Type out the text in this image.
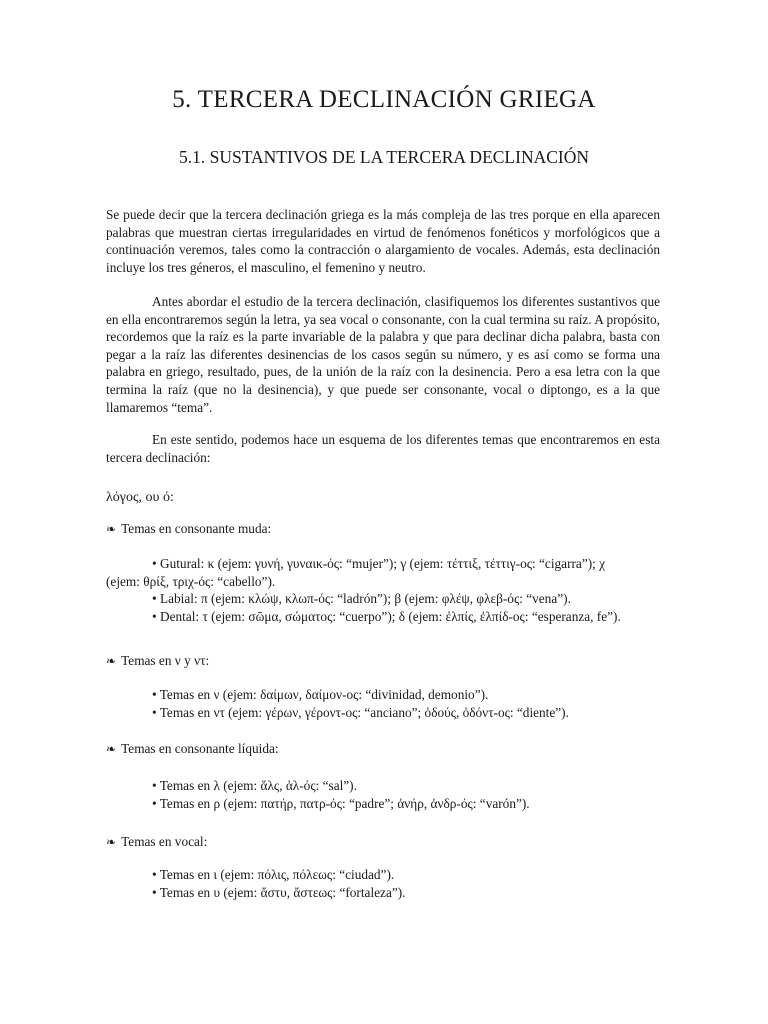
5. TERCERA DECLINACIÓN GRIEGA
5.1. SUSTANTIVOS DE LA TERCERA DECLINACIÓN

Se puede decir que la tercera declinación griega es la más compleja de las tres porque en ella aparecen palabras que muestran ciertas irregularidades en virtud de fenómenos fonéticos y morfológicos que a continuación veremos, tales como la contracción o alargamiento de vocales. Además, esta declinación incluye los tres géneros, el masculino, el femenino y neutro.

Antes abordar el estudio de la tercera declinación, clasifiquemos los diferentes sustantivos que en ella encontraremos según la letra, ya sea vocal o consonante, con la cual termina su raíz. A propósito, recordemos que la raíz es la parte invariable de la palabra y que para declinar dicha palabra, basta con pegar a la raíz las diferentes desinencias de los casos según su número, y es así como se forma una palabra en griego, resultado, pues, de la unión de la raíz con la desinencia. Pero a esa letra con la que termina la raíz (que no la desinencia), y que puede ser consonante, vocal o diptongo, es a la que llamaremos “tema”.

En este sentido, podemos hace un esquema de los diferentes temas que encontraremos en esta tercera declinación:

λόγος, ου ό:

❧ Temas en consonante muda:

• Gutural: κ (ejem: γυνή, γυναικ-ός: “mujer”); γ (ejem: τέττιξ, τέττιγ-ος: “cigarra”); χ
(ejem: θρίξ, τριχ-ός: “cabello”).
• Labial: π (ejem: κλώψ, κλωπ-ός: “ladrón”); β (ejem: φλέψ, φλεβ-ός: “vena”).
• Dental: τ (ejem: σῶμα, σώματος: “cuerpo”); δ (ejem: ἐλπίς, ἐλπίδ-ος: “esperanza, fe”).

❧ Temas en ν y ντ:

• Temas en ν (ejem: δαίμων, δαίμον-ος: “divinidad, demonio”).
• Temas en ντ (ejem: γέρων, γέροντ-ος: “anciano”; ὀδούς, ὀδόντ-ος: “diente”).

❧ Temas en consonante líquida:

• Temas en λ (ejem: ἅλς, ἁλ-ός: “sal”).
• Temas en ρ (ejem: πατήρ, πατρ-ός: “padre”; ἀνήρ, ἀνδρ-ός: “varón”).

❧ Temas en vocal:

• Temas en ι (ejem: πόλις, πόλεως: “ciudad”).
• Temas en υ (ejem: ἄστυ, ἄστεως: “fortaleza”).
